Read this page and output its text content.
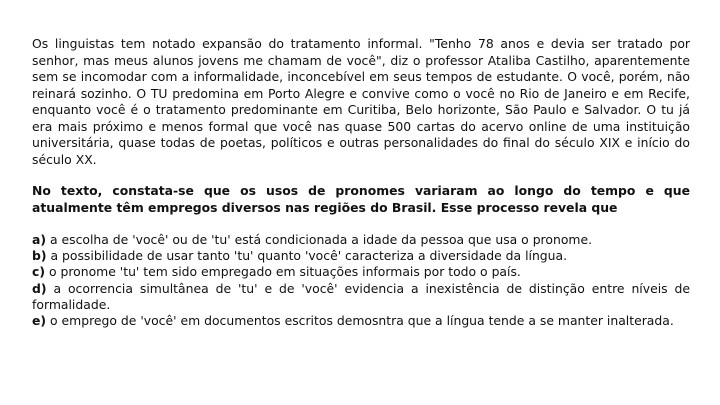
Os linguistas tem notado expansão do tratamento informal. "Tenho 78 anos e devia ser tratado por senhor, mas meus alunos jovens me chamam de você", diz o professor Ataliba Castilho, aparentemente sem se incomodar com a informalidade, inconcebível em seus tempos de estudante. O você, porém, não reinará sozinho. O TU predomina em Porto Alegre e convive como o você no Rio de Janeiro e em Recife, enquanto você é o tratamento predominante em Curitiba, Belo horizonte, São Paulo e Salvador. O tu já era mais próximo e menos formal que você nas quase 500 cartas do acervo online de uma instituição universitária, quase todas de poetas, políticos e outras personalidades do final do século XIX e início do século XX.

No texto, constata-se que os usos de pronomes variaram ao longo do tempo e que atualmente têm empregos diversos nas regiões do Brasil. Esse processo revela que

a) a escolha de 'você' ou de 'tu' está condicionada a idade da pessoa que usa o pronome.
b) a possibilidade de usar tanto 'tu' quanto 'você' caracteriza a diversidade da língua.
c) o pronome 'tu' tem sido empregado em situações informais por todo o país.
d) a ocorrencia simultânea de 'tu' e de 'você' evidencia a inexistência de distinção entre níveis de formalidade.
e) o emprego de 'você' em documentos escritos demosntra que a língua tende a se manter inalterada.
